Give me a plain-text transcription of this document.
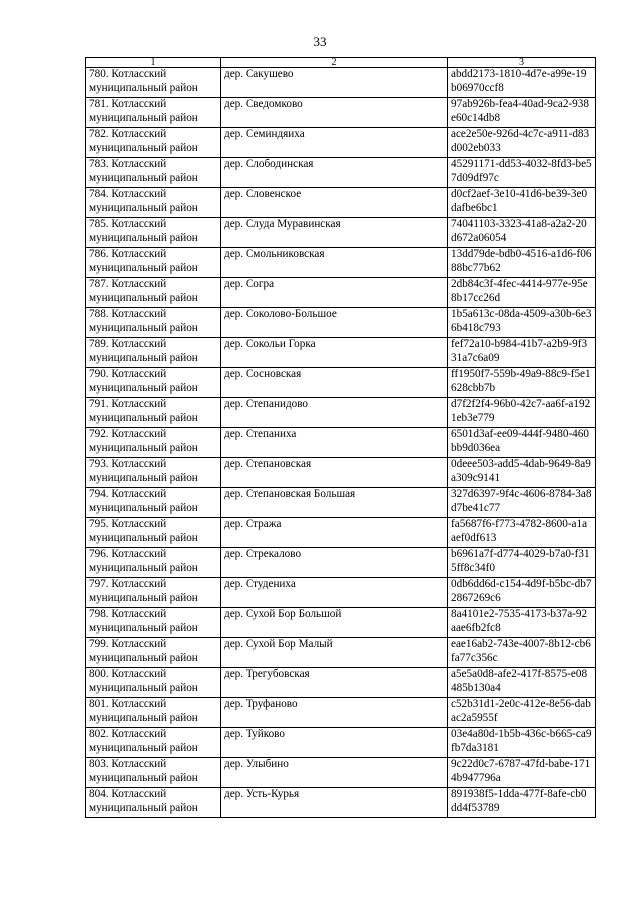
33
1	2	3
780. Котласский муниципальный район	дер. Сакушево	abdd2173-1810-4d7e-a99e-19b06970ccf8
781. Котласский муниципальный район	дер. Сведомково	97ab926b-fea4-40ad-9ca2-938e60c14db8
782. Котласский муниципальный район	дер. Семиндяиха	ace2e50e-926d-4c7c-a911-d83d002eb033
783. Котласский муниципальный район	дер. Слободинская	45291171-dd53-4032-8fd3-be57d09df97c
784. Котласский муниципальный район	дер. Словенское	d0cf2aef-3e10-41d6-be39-3e0dafbe6bc1
785. Котласский муниципальный район	дер. Слуда Муравинская	74041103-3323-41a8-a2a2-20d672a06054
786. Котласский муниципальный район	дер. Смольниковская	13dd79de-bdb0-4516-a1d6-f0688bc77b62
787. Котласский муниципальный район	дер. Согра	2db84c3f-4fec-4414-977e-95e8b17cc26d
788. Котласский муниципальный район	дер. Соколово-Большое	1b5a613c-08da-4509-a30b-6e36b418c793
789. Котласский муниципальный район	дер. Сокольи Горка	fef72a10-b984-41b7-a2b9-9f331a7c6a09
790. Котласский муниципальный район	дер. Сосновская	ff1950f7-559b-49a9-88c9-f5e1628cbb7b
791. Котласский муниципальный район	дер. Степанидово	d7f2f2f4-96b0-42c7-aa6f-a1921eb3e779
792. Котласский муниципальный район	дер. Степаниха	6501d3af-ee09-444f-9480-460bb9d036ea
793. Котласский муниципальный район	дер. Степановская	0deee503-add5-4dab-9649-8a9a309c9141
794. Котласский муниципальный район	дер. Степановская Большая	327d6397-9f4c-4606-8784-3a8d7be41c77
795. Котласский муниципальный район	дер. Стража	fa5687f6-f773-4782-8600-a1aaef0df613
796. Котласский муниципальный район	дер. Стрекалово	b6961a7f-d774-4029-b7a0-f315ff8c34f0
797. Котласский муниципальный район	дер. Студениха	0db6dd6d-c154-4d9f-b5bc-db72867269c6
798. Котласский муниципальный район	дер. Сухой Бор Большой	8a4101e2-7535-4173-b37a-92aae6fb2fc8
799. Котласский муниципальный район	дер. Сухой Бор Малый	eae16ab2-743e-4007-8b12-cb6fa77c356c
800. Котласский муниципальный район	дер. Трегубовская	a5e5a0d8-afe2-417f-8575-e08485b130a4
801. Котласский муниципальный район	дер. Труфаново	c52b31d1-2e0c-412e-8e56-dabac2a5955f
802. Котласский муниципальный район	дер. Туйково	03e4a80d-1b5b-436c-b665-ca9fb7da3181
803. Котласский муниципальный район	дер. Улыбино	9c22d0c7-6787-47fd-babe-1714b947796a
804. Котласский муниципальный район	дер. Усть-Курья	891938f5-1dda-477f-8afe-cb0dd4f53789
